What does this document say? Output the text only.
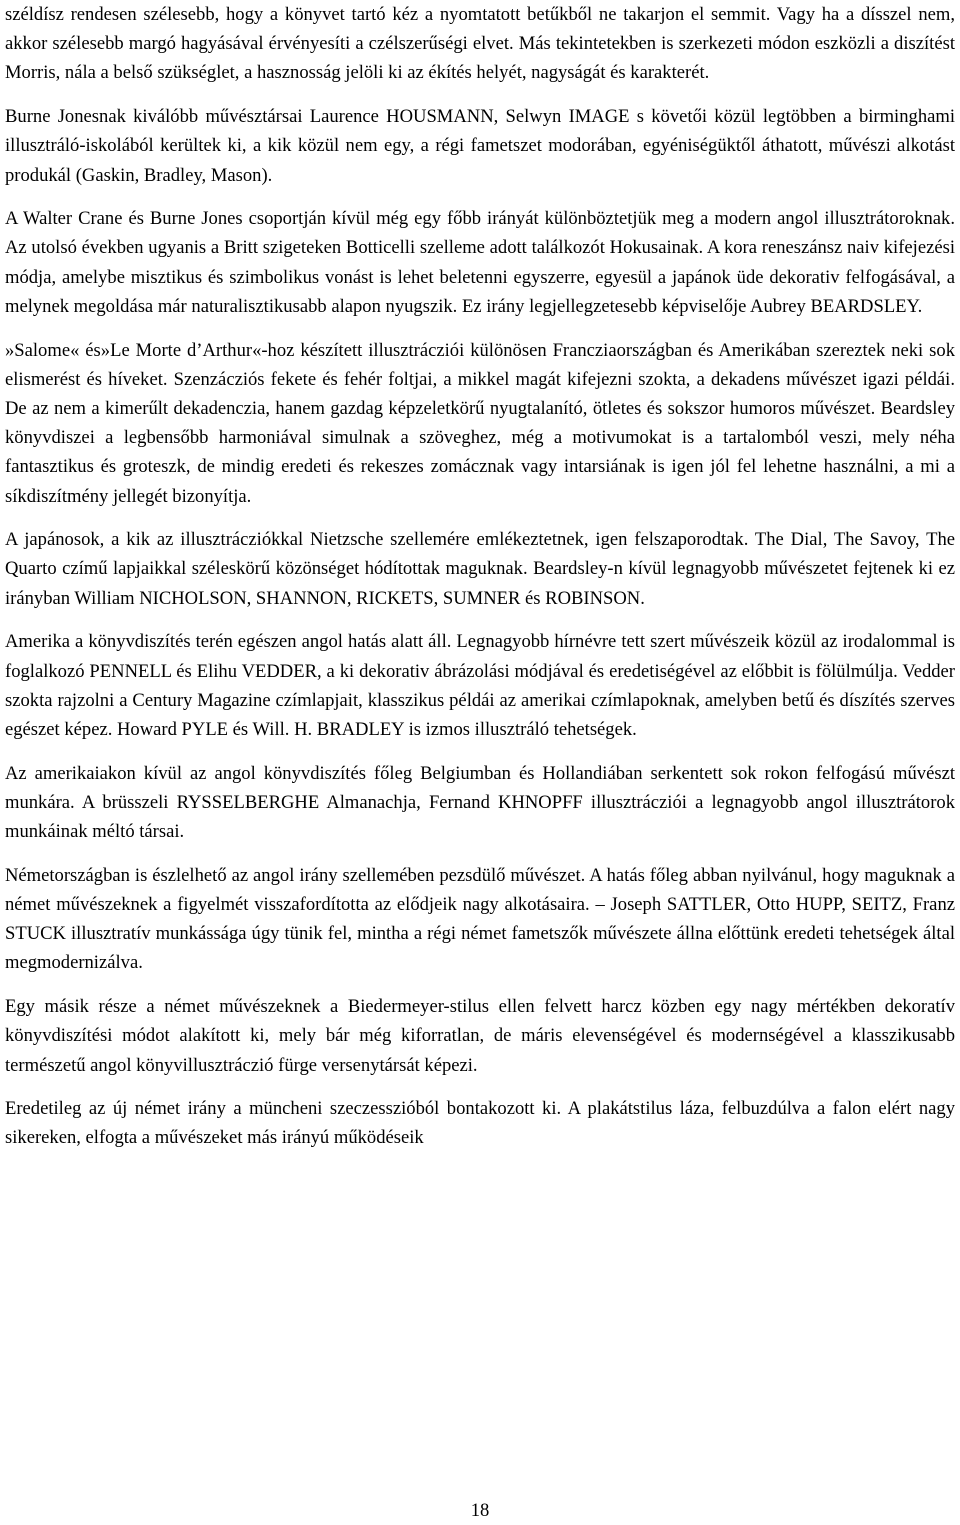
széldísz rendesen szélesebb, hogy a könyvet tartó kéz a nyomtatott betűkből ne takarjon el semmit. Vagy ha a dísszel nem, akkor szélesebb margó hagyásával érvényesíti a czélszerűségi elvet. Más tekintetekben is szerkezeti módon eszközli a diszítést Morris, nála a belső szükséglet, a hasznosság jelöli ki az ékítés helyét, nagyságát és karakterét.

Burne Jonesnak kiválóbb művésztársai Laurence HOUSMANN, Selwyn IMAGE s követői közül legtöbben a birminghami illusztráló-iskolából kerültek ki, a kik közül nem egy, a régi fametszet modorában, egyéniségüktől áthatott, művészi alkotást produkál (Gaskin, Bradley, Mason).

A Walter Crane és Burne Jones csoportján kívül még egy főbb irányát különböztetjük meg a modern angol illusztrátoroknak. Az utolsó években ugyanis a Britt szigeteken Botticelli szelleme adott találkozót Hokusainak. A kora reneszánsz naiv kifejezési módja, amelybe misztikus és szimbolikus vonást is lehet beletenni egyszerre, egyesül a japánok üde dekorativ felfogásával, a melynek megoldása már naturalisztikusabb alapon nyugszik. Ez irány legjellegzetesebb képviselője Aubrey BEARDSLEY.

»Salome« és»Le Morte d’Arthur«-hoz készített illusztrácziói különösen Francziaországban és Amerikában szereztek neki sok elismerést és híveket. Szenzácziós fekete és fehér foltjai, a mikkel magát kifejezni szokta, a dekadens művészet igazi példái. De az nem a kimerűlt dekadenczia, hanem gazdag képzeletkörű nyugtalanító, ötletes és sokszor humoros művészet. Beardsley könyvdiszei a legbensőbb harmoniával simulnak a szöveghez, még a motivumokat is a tartalomból veszi, mely néha fantasztikus és groteszk, de mindig eredeti és rekeszes zomácznak vagy intarsiának is igen jól fel lehetne használni, a mi a síkdiszítmény jellegét bizonyítja.

A japánosok, a kik az illusztrácziókkal Nietzsche szellemére emlékeztetnek, igen felszaporodtak. The Dial, The Savoy, The Quarto czímű lapjaikkal széleskörű közönséget hódítottak maguknak. Beardsley-n kívül legnagyobb művészetet fejtenek ki ez irányban William NICHOLSON, SHANNON, RICKETS, SUMNER és ROBINSON.

Amerika a könyvdiszítés terén egészen angol hatás alatt áll. Legnagyobb hírnévre tett szert művészeik közül az irodalommal is foglalkozó PENNELL és Elihu VEDDER, a ki dekorativ ábrázolási módjával és eredetiségével az előbbit is fölülmúlja. Vedder szokta rajzolni a Century Magazine czímlapjait, klasszikus példái az amerikai czímlapoknak, amelyben betű és díszítés szerves egészet képez. Howard PYLE és Will. H. BRADLEY is izmos illusztráló tehetségek.

Az amerikaiakon kívül az angol könyvdiszítés főleg Belgiumban és Hollandiában serkentett sok rokon felfogású művészt munkára. A brüsszeli RYSSELBERGHE Almanachja, Fernand KHNOPFF illusztrácziói a legnagyobb angol illusztrátorok munkáinak méltó társai.

Németországban is észlelhető az angol irány szellemében pezsdülő művészet. A hatás főleg abban nyilvánul, hogy maguknak a német művészeknek a figyelmét visszafordította az elődjeik nagy alkotásaira. – Joseph SATTLER, Otto HUPP, SEITZ, Franz STUCK illusztratív munkássága úgy tünik fel, mintha a régi német fametszők művészete állna előttünk eredeti tehetségek által megmodernizálva.

Egy másik része a német művészeknek a Biedermeyer-stilus ellen felvett harcz közben egy nagy mértékben dekoratív könyvdiszítési módot alakított ki, mely bár még kiforratlan, de máris elevenségével és modernségével a klasszikusabb természetű angol könyvillusztráczió fürge versenytársát képezi.

Eredetileg az új német irány a müncheni szeczesszióból bontakozott ki. A plakátstilus láza, felbuzdúlva a falon elért nagy sikereken, elfogta a művészeket más irányú működéseik

18
